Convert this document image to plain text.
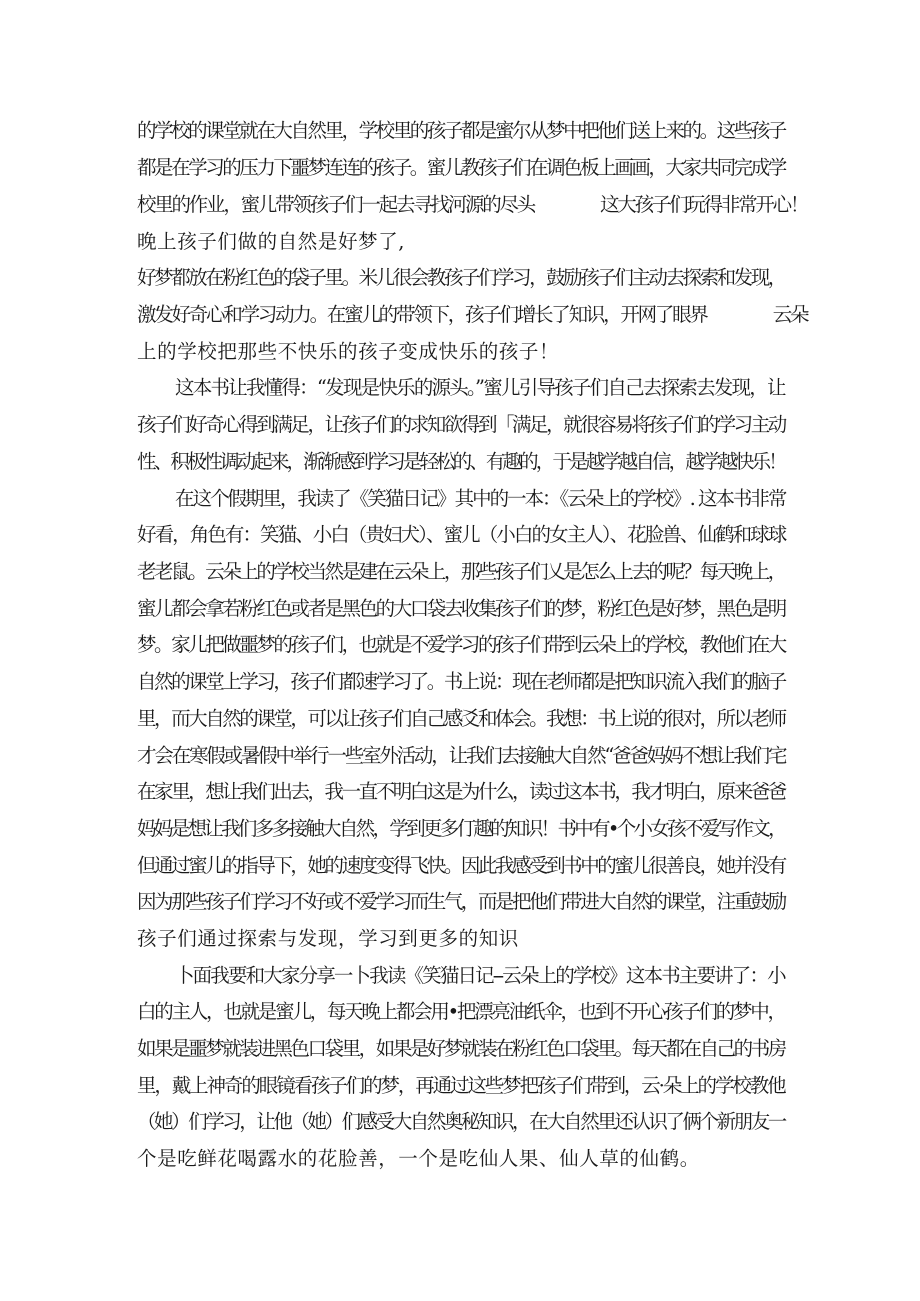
的学校的课堂就在大自然里，学校里的孩子都是蜜尔从梦中把他们送上来的。这些孩子
都是在学习的压力下噩梦连连的孩子。蜜儿教孩子们在调色板上画画，大家共同完成学
校里的作业，蜜儿带领孩子们一起去寻找河源的尽头	这大孩子们玩得非常开心！
晚上孩子们做的自然是好梦了,
好梦都放在粉红色的袋子里。米儿很会教孩子们学习，鼓励孩子们主动去探索和发现，
激发好奇心和学习动力。在蜜儿的带领下，孩子们增长了知识，开网了眼界	云朵
上的学校把那些不快乐的孩子变成快乐的孩子！
这本书让我懂得：“发现是快乐的源头。”蜜儿引导孩子们自己去探索去发现，让
孩子们好奇心得到满足，让孩子们的求知欲得到「满足，就很容易将孩子们的学习主动
性、积极性调动起来，渐渐感到学习是轻松的、有趣的，于是越学越自信，越学越快乐！
在这个假期里，我读了《笑猫日记》其中的一本：《云朵上的学校》. 这本书非常
好看，角色有：笑猫、小白（贵妇犬）、蜜儿（小白的女主人）、花脸兽、仙鹤和球球
老老鼠。云朵上的学校当然是建在云朵上，那些孩子们乂是怎么上去的呢？每天晚上，
蜜儿都会拿若粉红色或者是黑色的大口袋去收集孩子们的梦，粉红色是好梦，黑色是明
梦。家儿把做噩梦的孩子们，也就是不爱学习的孩子们带到云朵上的学校，教他们在大
自然的课堂上学习，孩子们都速学习了。书上说：现在老师都是把知识流入我们的脑子
里，而大自然的课堂，可以让孩子们自己感爻和体会。我想：书上说的很对，所以老师
才会在寒假或暑假中举行一些室外活动，让我们去接触大自然“爸爸妈妈不想让我们宅
在家里，想让我们出去，我一直不明白这是为什么，读过这本书，我才明白，原来爸爸
妈妈是想让我们多多接触大自然，学到更多仃趣的知识！书中有•个小女孩不爱写作文，
但通过蜜儿的指导下，她的速度变得飞快。因此我感受到书中的蜜儿很善良，她并没有
因为那些孩子们学习不好或不爱学习而生气，而是把他们带进大自然的课堂，注重鼓励
孩子们通过探索与发现，学习到更多的知识
卜面我要和大家分享一卜我读《笑猫日记--云朵上的学校》这本书主要讲了：小
白的主人，也就是蜜儿，每天晚上都会用•把漂亮油纸伞，也到不开心孩子们的梦中，
如果是噩梦就装进黑色口袋里，如果是好梦就装在粉红色口袋里。每天都在自己的书房
里，戴上神奇的眼镜看孩子们的梦，再通过这些梦把孩子们带到，云·朵上的学校教他
（她）们学习，让他（她）们感受大自然奥秘知识，在大自然里还认识了俩个新朋友一
个是吃鲜花喝露水的花脸善，一个是吃仙人果、仙人草的仙鹤。
